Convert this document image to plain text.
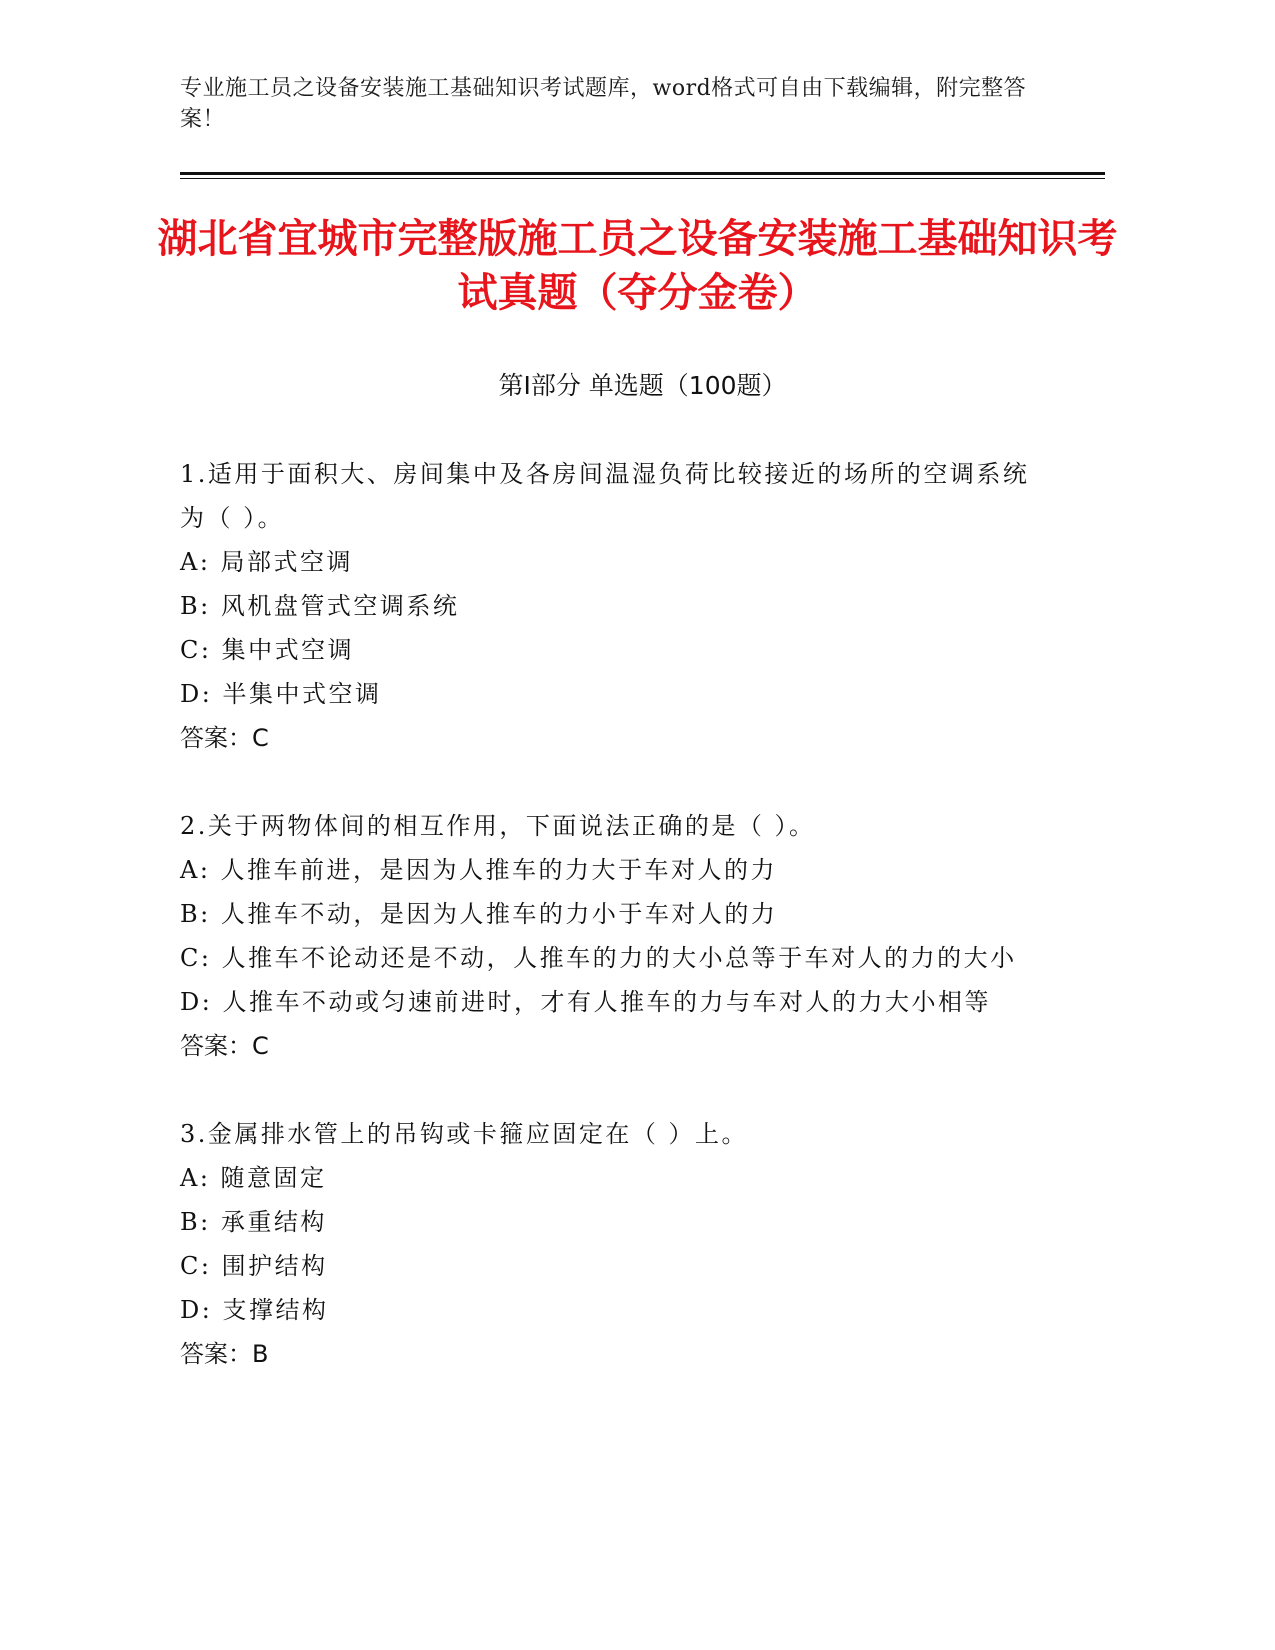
专业施工员之设备安装施工基础知识考试题库，word格式可自由下载编辑，附完整答案！
湖北省宜城市完整版施工员之设备安装施工基础知识考试真题（夺分金卷）
第I部分 单选题（100题）

1.适用于面积大、房间集中及各房间温湿负荷比较接近的场所的空调系统为（ ）。

A: 局部式空调

B: 风机盘管式空调系统

C: 集中式空调

D: 半集中式空调

答案：C

2.关于两物体间的相互作用，下面说法正确的是（ ）。

A: 人推车前进，是因为人推车的力大于车对人的力

B: 人推车不动，是因为人推车的力小于车对人的力

C: 人推车不论动还是不动，人推车的力的大小总等于车对人的力的大小

D: 人推车不动或匀速前进时，才有人推车的力与车对人的力大小相等

答案：C

3.金属排水管上的吊钩或卡箍应固定在（ ）上。

A: 随意固定

B: 承重结构

C: 围护结构

D: 支撑结构

答案：B
